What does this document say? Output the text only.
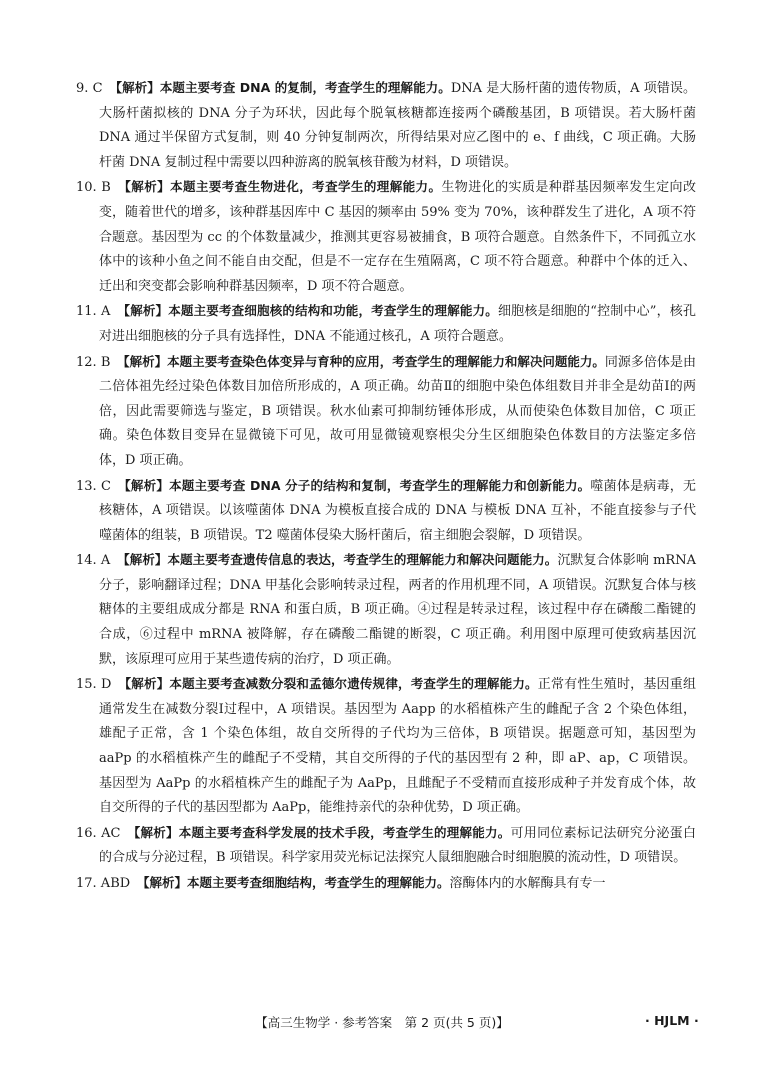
9. C　 【解析】本题主要考查 DNA 的复制，考查学生的理解能力。DNA 是大肠杆菌的遗传物质，A 项错误。大肠杆菌拟核的 DNA 分子为环状，因此每个脱氧核糖都连接两个磷酸基团，B 项错误。若大肠杆菌 DNA 通过半保留方式复制，则 40 分钟复制两次，所得结果对应乙图中的 e、f 曲线，C 项正确。大肠杆菌 DNA 复制过程中需要以四种游离的脱氧核苷酸为材料，D 项错误。

10. B　 【解析】本题主要考查生物进化，考查学生的理解能力。生物进化的实质是种群基因频率发生定向改变，随着世代的增多，该种群基因库中 C 基因的频率由 59% 变为 70%，该种群发生了进化，A 项不符合题意。基因型为 cc 的个体数量减少，推测其更容易被捕食，B 项符合题意。自然条件下，不同孤立水体中的该种小鱼之间不能自由交配，但是不一定存在生殖隔离，C 项不符合题意。种群中个体的迁入、迁出和突变都会影响种群基因频率，D 项不符合题意。

11. A　 【解析】本题主要考查细胞核的结构和功能，考查学生的理解能力。细胞核是细胞的“控制中心”，核孔对进出细胞核的分子具有选择性，DNA 不能通过核孔，A 项符合题意。

12. B　 【解析】本题主要考查染色体变异与育种的应用，考查学生的理解能力和解决问题能力。同源多倍体是由二倍体祖先经过染色体数目加倍所形成的，A 项正确。幼苗Ⅱ的细胞中染色体组数目并非全是幼苗Ⅰ的两倍，因此需要筛选与鉴定，B 项错误。秋水仙素可抑制纺锤体形成，从而使染色体数目加倍，C 项正确。染色体数目变异在显微镜下可见，故可用显微镜观察根尖分生区细胞染色体数目的方法鉴定多倍体，D 项正确。

13. C　 【解析】本题主要考查 DNA 分子的结构和复制，考查学生的理解能力和创新能力。噬菌体是病毒，无核糖体，A 项错误。以该噬菌体 DNA 为模板直接合成的 DNA 与模板 DNA 互补，不能直接参与子代噬菌体的组装，B 项错误。T2 噬菌体侵染大肠杆菌后，宿主细胞会裂解，D 项错误。

14. A　 【解析】本题主要考查遗传信息的表达，考查学生的理解能力和解决问题能力。沉默复合体影响 mRNA 分子，影响翻译过程；DNA 甲基化会影响转录过程，两者的作用机理不同，A 项错误。沉默复合体与核糖体的主要组成成分都是 RNA 和蛋白质，B 项正确。④过程是转录过程，该过程中存在磷酸二酯键的合成，⑥过程中 mRNA 被降解，存在磷酸二酯键的断裂，C 项正确。利用图中原理可使致病基因沉默，该原理可应用于某些遗传病的治疗，D 项正确。

15. D　 【解析】本题主要考查减数分裂和孟德尔遗传规律，考查学生的理解能力。正常有性生殖时，基因重组通常发生在减数分裂Ⅰ过程中，A 项错误。基因型为 Aapp 的水稻植株产生的雌配子含 2 个染色体组，雄配子正常，含 1 个染色体组，故自交所得的子代均为三倍体，B 项错误。据题意可知，基因型为 aaPp 的水稻植株产生的雌配子不受精，其自交所得的子代的基因型有 2 种，即 aP、ap，C 项错误。基因型为 AaPp 的水稻植株产生的雌配子为 AaPp，且雌配子不受精而直接形成种子并发育成个体，故自交所得的子代的基因型都为 AaPp，能维持亲代的杂种优势，D 项正确。

16. AC　 【解析】本题主要考查科学发展的技术手段，考查学生的理解能力。可用同位素标记法研究分泌蛋白的合成与分泌过程，B 项错误。科学家用荧光标记法探究人鼠细胞融合时细胞膜的流动性，D 项错误。

17. ABD　 【解析】本题主要考查细胞结构，考查学生的理解能力。溶酶体内的水解酶具有专一

【高三生物学 · 参考答案　第 2 页(共 5 页)】	· HJLM ·
